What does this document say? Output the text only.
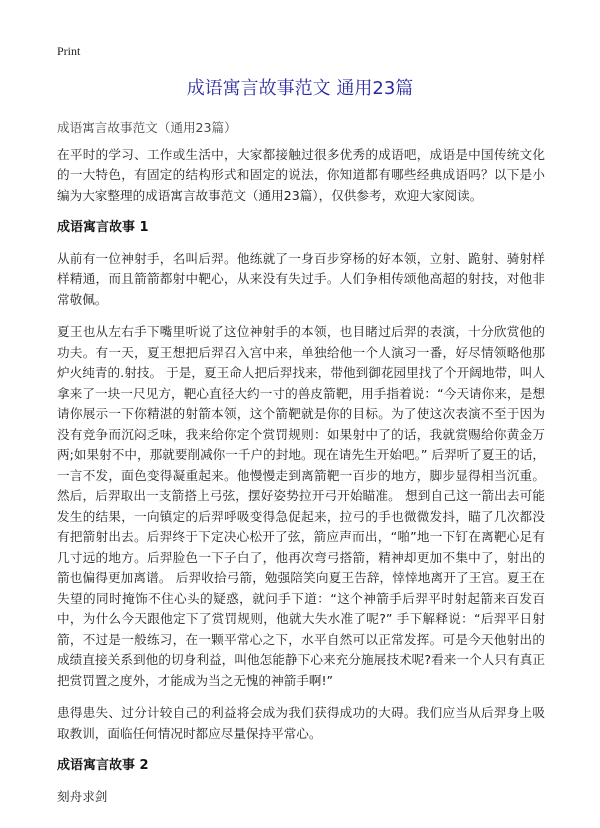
Print
成语寓言故事范文 通用23篇

成语寓言故事范文（通用23篇）

在平时的学习、工作或生活中，大家都接触过很多优秀的成语吧，成语是中国传统文化的一大特色，有固定的结构形式和固定的说法，你知道都有哪些经典成语吗？以下是小编为大家整理的成语寓言故事范文（通用23篇），仅供参考，欢迎大家阅读。

成语寓言故事 1

从前有一位神射手，名叫后羿。他练就了一身百步穿杨的好本领，立射、跪射、骑射样样精通，而且箭箭都射中靶心，从来没有失过手。人们争相传颂他高超的射技，对他非常敬佩。

夏王也从左右手下嘴里听说了这位神射手的本领，也目睹过后羿的表演，十分欣赏他的功夫。有一天，夏王想把后羿召入宫中来，单独给他一个人演习一番，好尽情领略他那炉火纯青的.射技。 于是，夏王命人把后羿找来，带他到御花园里找了个开阔地带，叫人拿来了一块一尺见方，靶心直径大约一寸的兽皮箭靶，用手指着说：“今天请你来，是想请你展示一下你精湛的射箭本领，这个箭靶就是你的目标。为了使这次表演不至于因为没有竞争而沉闷乏味，我来给你定个赏罚规则：如果射中了的话，我就赏赐给你黄金万两;如果射不中，那就要削减你一千户的封地。现在请先生开始吧。” 后羿听了夏王的话，一言不发，面色变得凝重起来。他慢慢走到离箭靶一百步的地方，脚步显得相当沉重。然后，后羿取出一支箭搭上弓弦，摆好姿势拉开弓开始瞄准。 想到自己这一箭出去可能发生的结果，一向镇定的后羿呼吸变得急促起来，拉弓的手也微微发抖，瞄了几次都没有把箭射出去。后羿终于下定决心松开了弦，箭应声而出，“啪”地一下钉在离靶心足有几寸远的地方。后羿脸色一下子白了，他再次弯弓搭箭，精神却更加不集中了，射出的箭也偏得更加离谱。 后羿收拾弓箭，勉强陪笑向夏王告辞，悻悻地离开了王宫。夏王在失望的同时掩饰不住心头的疑惑，就问手下道：“这个神箭手后羿平时射起箭来百发百中，为什么今天跟他定下了赏罚规则，他就大失水准了呢?” 手下解释说：“后羿平日射箭，不过是一般练习，在一颗平常心之下，水平自然可以正常发挥。可是今天他射出的成绩直接关系到他的切身利益，叫他怎能静下心来充分施展技术呢?看来一个人只有真正把赏罚置之度外，才能成为当之无愧的神箭手啊!”

患得患失、过分计较自己的利益将会成为我们获得成功的大碍。我们应当从后羿身上吸取教训，面临任何情况时都应尽量保持平常心。

成语寓言故事 2

刻舟求剑
